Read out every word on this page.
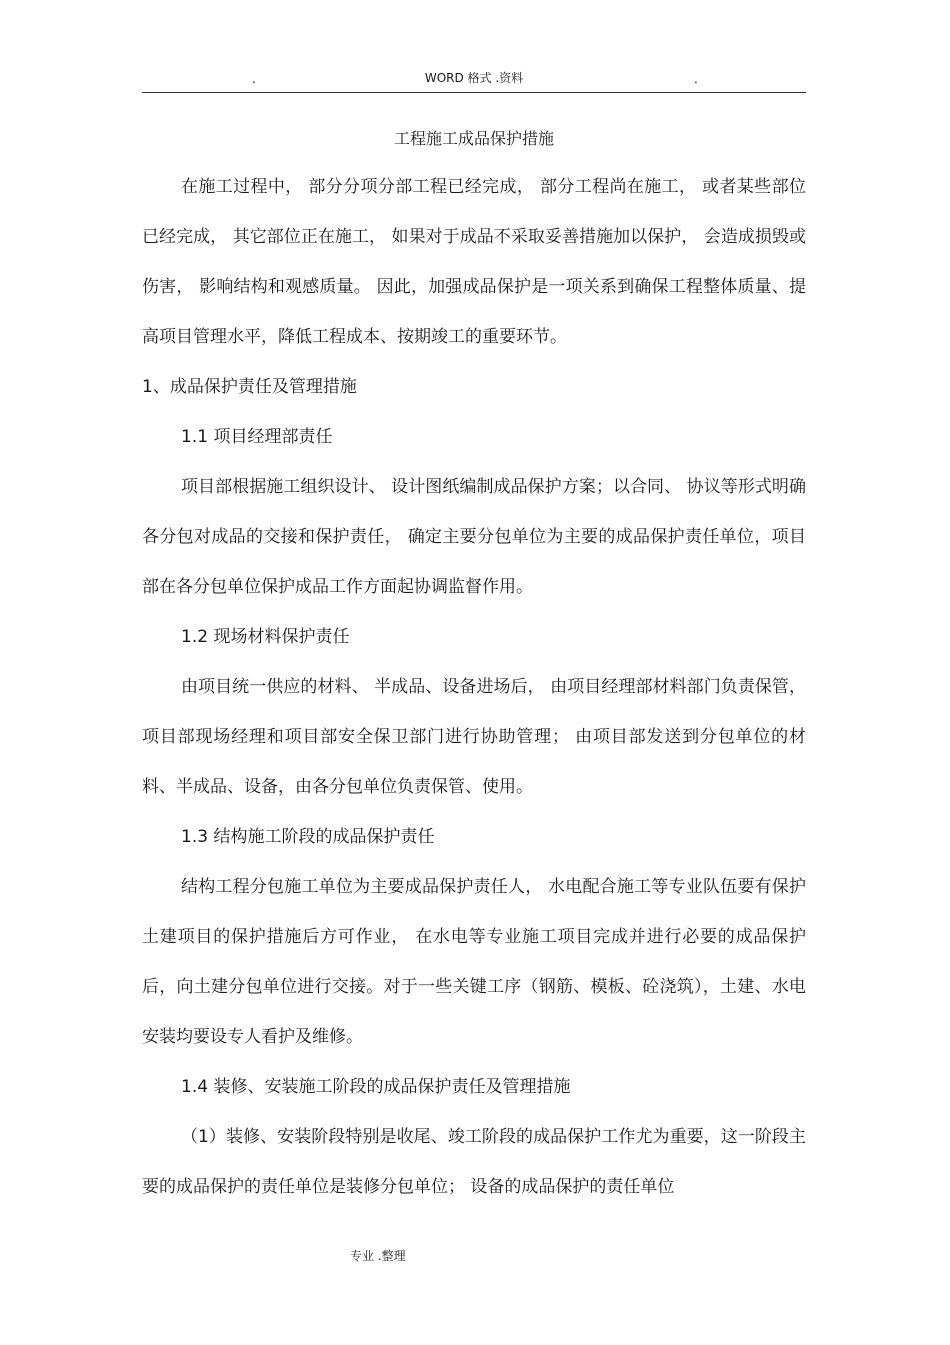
.	WORD 格式 .资料	.
工程施工成品保护措施

在施工过程中， 部分分项分部工程已经完成， 部分工程尚在施工， 或者某些部位已经完成， 其它部位正在施工， 如果对于成品不采取妥善措施加以保护， 会造成损毁或伤害， 影响结构和观感质量。 因此，加强成品保护是一项关系到确保工程整体质量、提高项目管理水平，降低工程成本、按期竣工的重要环节。

1、成品保护责任及管理措施

1.1 项目经理部责任

项目部根据施工组织设计、 设计图纸编制成品保护方案；以合同、 协议等形式明确各分包对成品的交接和保护责任， 确定主要分包单位为主要的成品保护责任单位，项目部在各分包单位保护成品工作方面起协调监督作用。

1.2 现场材料保护责任

由项目统一供应的材料、 半成品、设备进场后， 由项目经理部材料部门负责保管，项目部现场经理和项目部安全保卫部门进行协助管理； 由项目部发送到分包单位的材料、半成品、设备，由各分包单位负责保管、使用。

1.3 结构施工阶段的成品保护责任

结构工程分包施工单位为主要成品保护责任人， 水电配合施工等专业队伍要有保护土建项目的保护措施后方可作业， 在水电等专业施工项目完成并进行必要的成品保护后，向土建分包单位进行交接。对于一些关键工序（钢筋、模板、砼浇筑），土建、水电安装均要设专人看护及维修。

1.4 装修、安装施工阶段的成品保护责任及管理措施

（1）装修、安装阶段特别是收尾、竣工阶段的成品保护工作尤为重要，这一阶段主要的成品保护的责任单位是装修分包单位； 设备的成品保护的责任单位

专业 .整理
